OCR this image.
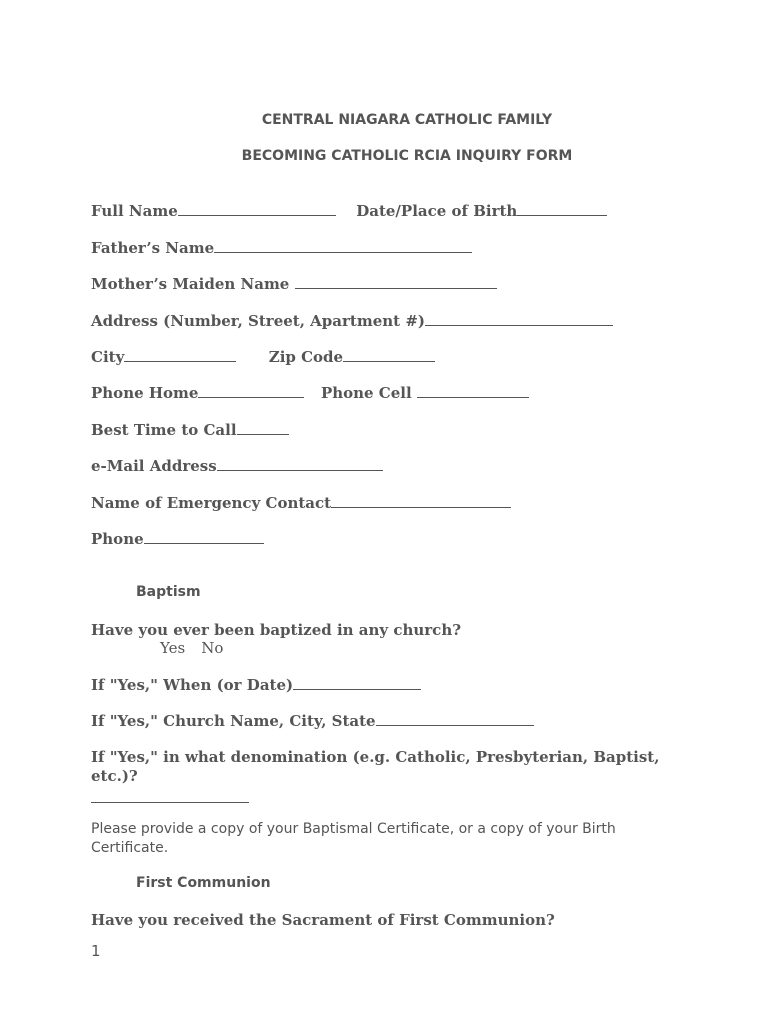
CENTRAL NIAGARA CATHOLIC FAMILY
BECOMING CATHOLIC RCIA INQUIRY FORM
Full Name	Date/Place of Birth
Father’s Name
Mother’s Maiden Name
Address (Number, Street, Apartment #)
City	Zip Code
Phone Home	Phone Cell
Best Time to Call
e-Mail Address
Name of Emergency Contact
Phone
Baptism
Have you ever been baptized in any church?
Yes No
If "Yes," When (or Date)
If "Yes," Church Name, City, State
If "Yes," in what denomination (e.g. Catholic, Presbyterian, Baptist, etc.)?
Please provide a copy of your Baptismal Certificate, or a copy of your Birth Certificate.
First Communion
Have you received the Sacrament of First Communion?
1
